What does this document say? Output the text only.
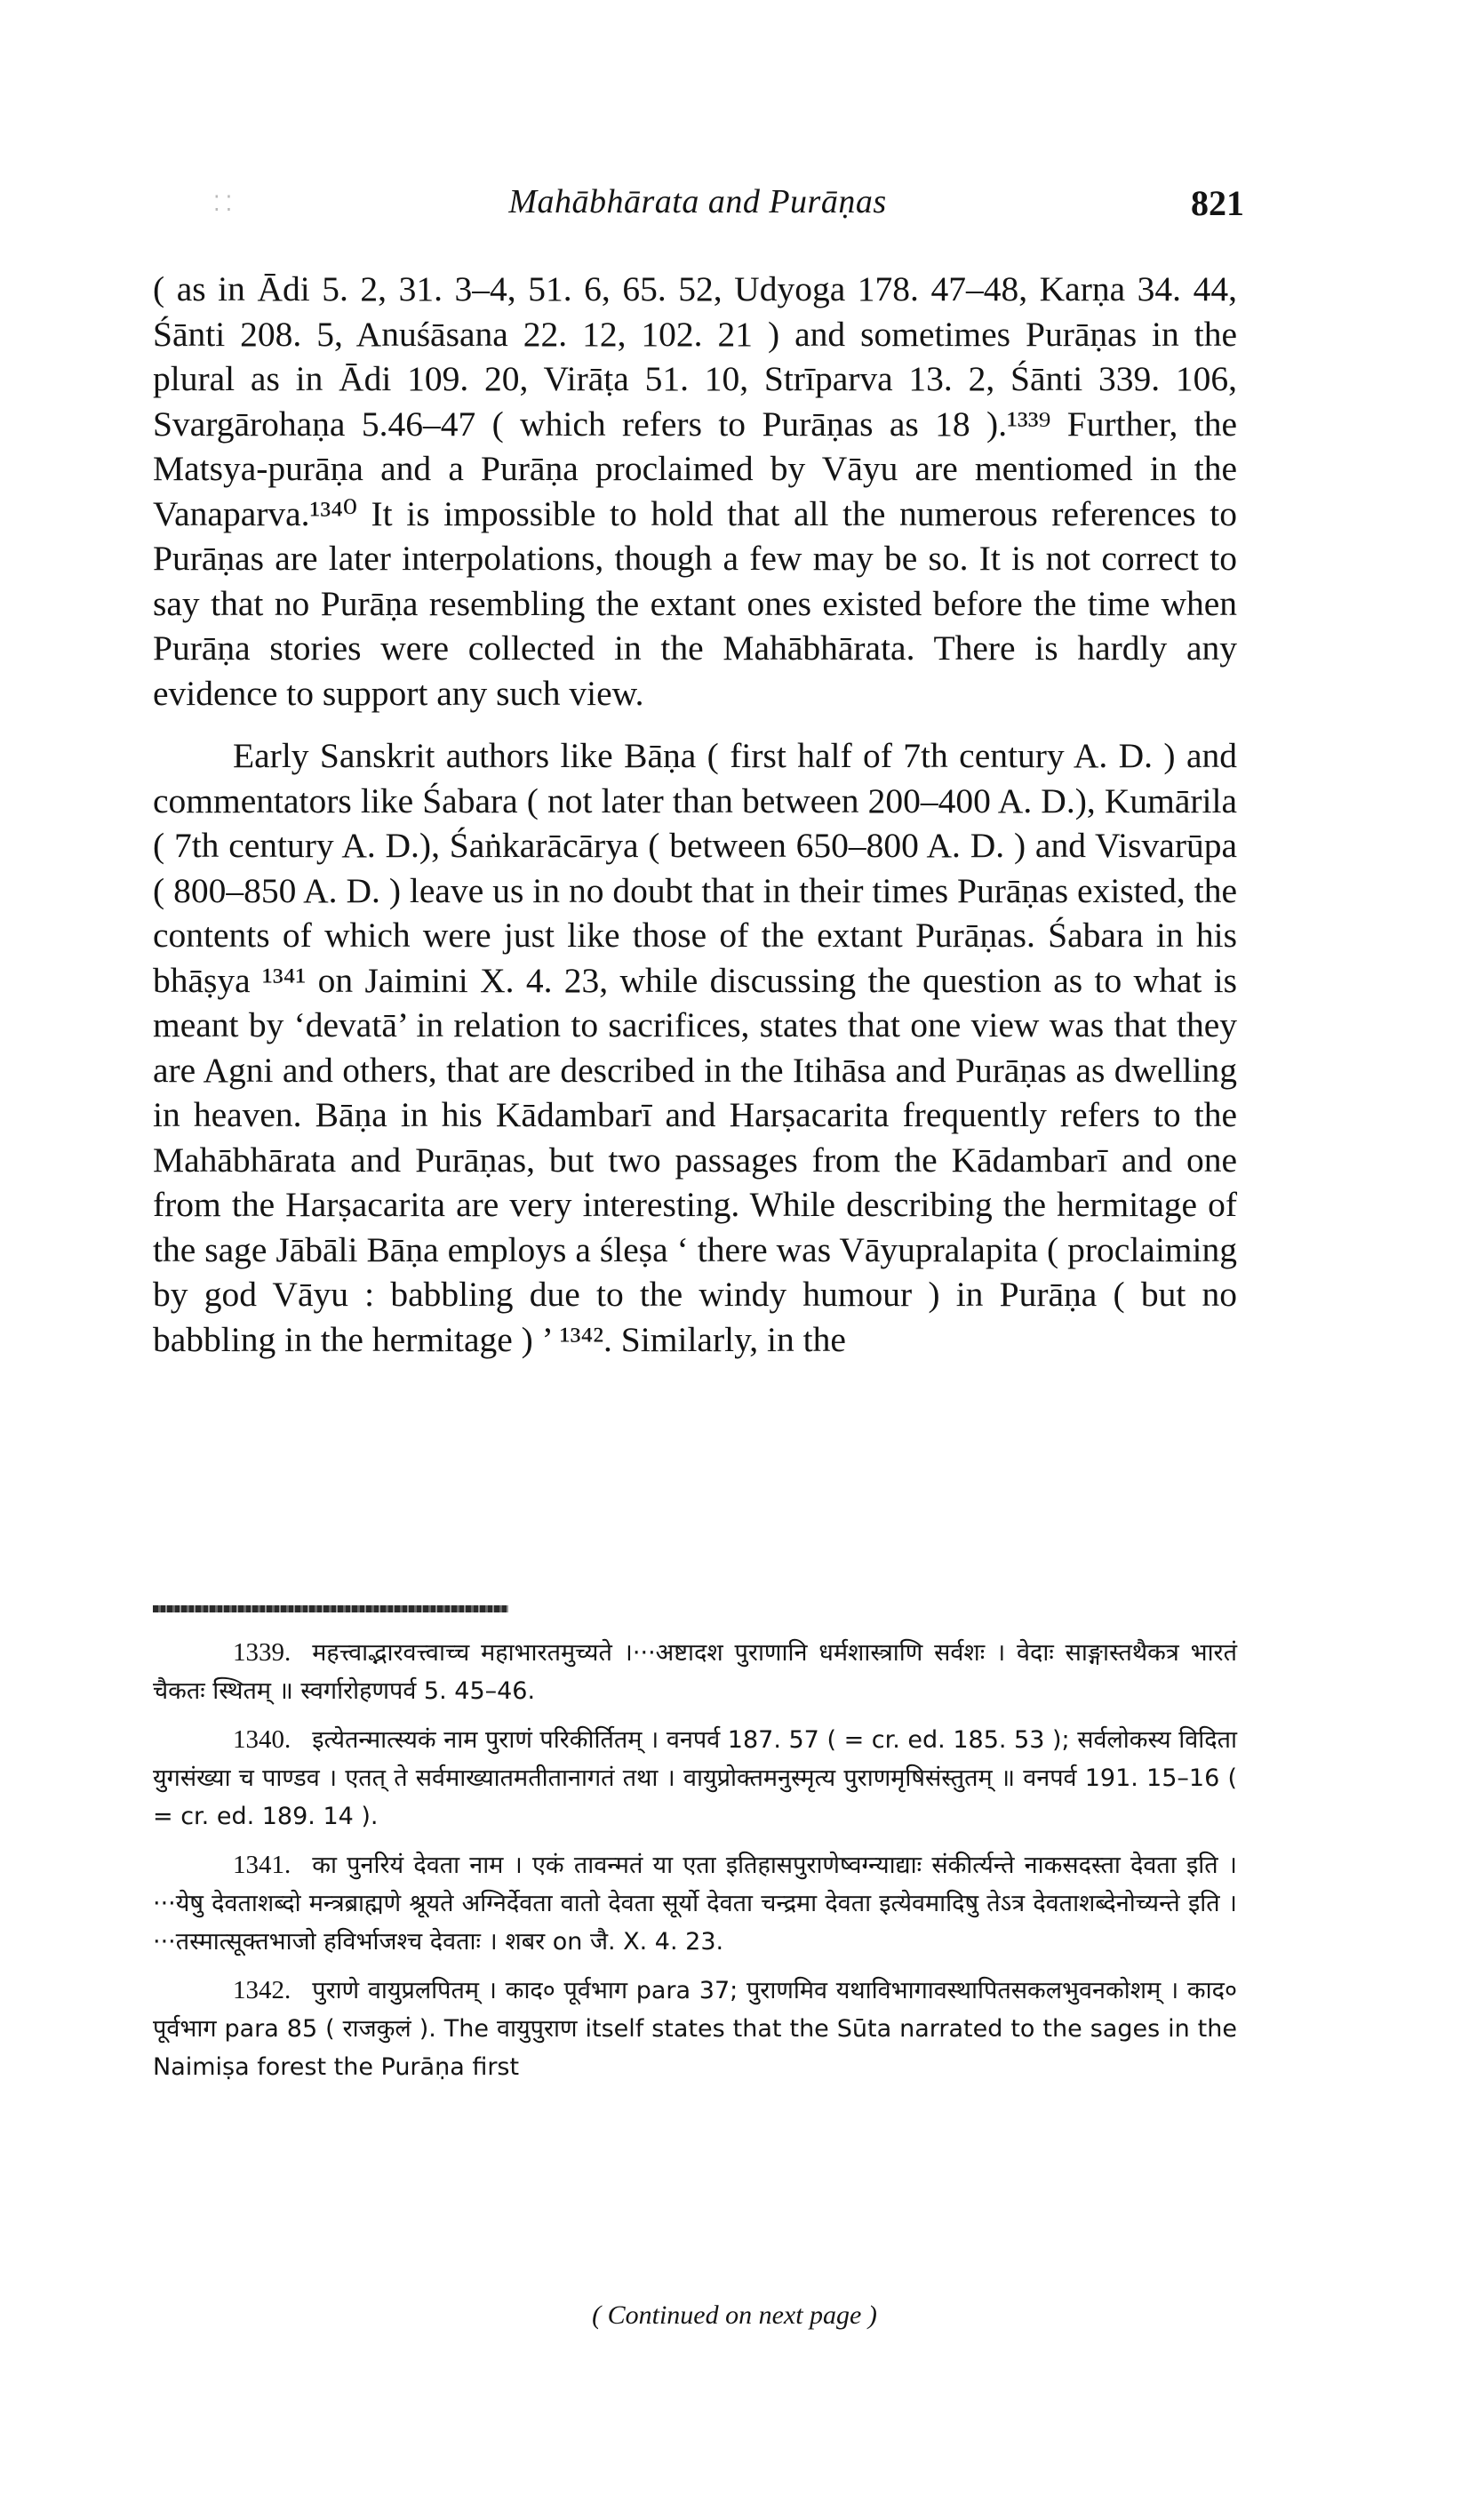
⁚ ⁚	Mahābhārata and Purāṇas	821

( as in Ādi 5. 2, 31. 3–4, 51. 6, 65. 52, Udyoga 178. 47–48, Karṇa 34. 44, Śānti 208. 5, Anuśāsana 22. 12, 102. 21 ) and sometimes Purāṇas in the plural as in Ādi 109. 20, Virāṭa 51. 10, Strīparva 13. 2, Śānti 339. 106, Svargārohaṇa 5.46–47 ( which refers to Purāṇas as 18 ).¹³³⁹ Further, the Matsya-purāṇa and a Purāṇa proclaimed by Vāyu are mentiomed in the Vanaparva.¹³⁴⁰ It is impossible to hold that all the numerous references to Purāṇas are later interpolations, though a few may be so. It is not correct to say that no Purāṇa resembling the extant ones existed before the time when Purāṇa stories were collected in the Mahābhārata. There is hardly any evidence to support any such view.

Early Sanskrit authors like Bāṇa ( first half of 7th century A. D. ) and commentators like Śabara ( not later than between 200–400 A. D.), Kumārila ( 7th century A. D.), Śaṅkarācārya ( between 650–800 A. D. ) and Visvarūpa ( 800–850 A. D. ) leave us in no doubt that in their times Purāṇas existed, the contents of which were just like those of the extant Purāṇas. Śabara in his bhāṣya ¹³⁴¹ on Jaimini X. 4. 23, while discussing the question as to what is meant by ‘devatā’ in relation to sacrifices, states that one view was that they are Agni and others, that are described in the Itihāsa and Purāṇas as dwelling in heaven. Bāṇa in his Kādambarī and Harṣacarita frequently refers to the Mahābhārata and Purāṇas, but two passages from the Kādambarī and one from the Harṣacarita are very interesting. While describing the hermitage of the sage Jābāli Bāṇa employs a śleṣa ‘ there was Vāyupralapita ( proclaiming by god Vāyu : babbling due to the windy humour ) in Purāṇa ( but no babbling in the hermitage ) ’ ¹³⁴². Similarly, in the

1339. महत्त्वाद्भारवत्त्वाच्च महाभारतमुच्यते ।···अष्टादश पुराणानि धर्मशास्त्राणि सर्वशः । वेदाः साङ्गास्तथैकत्र भारतं चैकतः स्थितम् ॥ स्वर्गारोहणपर्व 5. 45–46.

1340. इत्येतन्मात्स्यकं नाम पुराणं परिकीर्तितम् । वनपर्व 187. 57 ( = cr. ed. 185. 53 ); सर्वलोकस्य विदिता युगसंख्या च पाण्डव । एतत् ते सर्वमाख्यातमतीतानागतं तथा । वायुप्रोक्तमनुस्मृत्य पुराणमृषिसंस्तुतम् ॥ वनपर्व 191. 15–16 ( = cr. ed. 189. 14 ).

1341. का पुनरियं देवता नाम । एकं तावन्मतं या एता इतिहासपुराणेष्वग्न्याद्याः संकीर्त्यन्ते नाकसदस्ता देवता इति ।···येषु देवताशब्दो मन्त्रब्राह्मणे श्रूयते अग्निर्देवता वातो देवता सूर्यो देवता चन्द्रमा देवता इत्येवमादिषु तेऽत्र देवताशब्देनोच्यन्ते इति ।···तस्मात्सूक्तभाजो हविर्भाजश्च देवताः । शबर on जै. X. 4. 23.

1342. पुराणे वायुप्रलपितम् । काद० पूर्वभाग para 37; पुराणमिव यथाविभागावस्थापितसकलभुवनकोशम् । काद० पूर्वभाग para 85 ( राजकुलं ). The वायुपुराण itself states that the Sūta narrated to the sages in the Naimiṣa forest the Purāṇa first

( Continued on next page )
